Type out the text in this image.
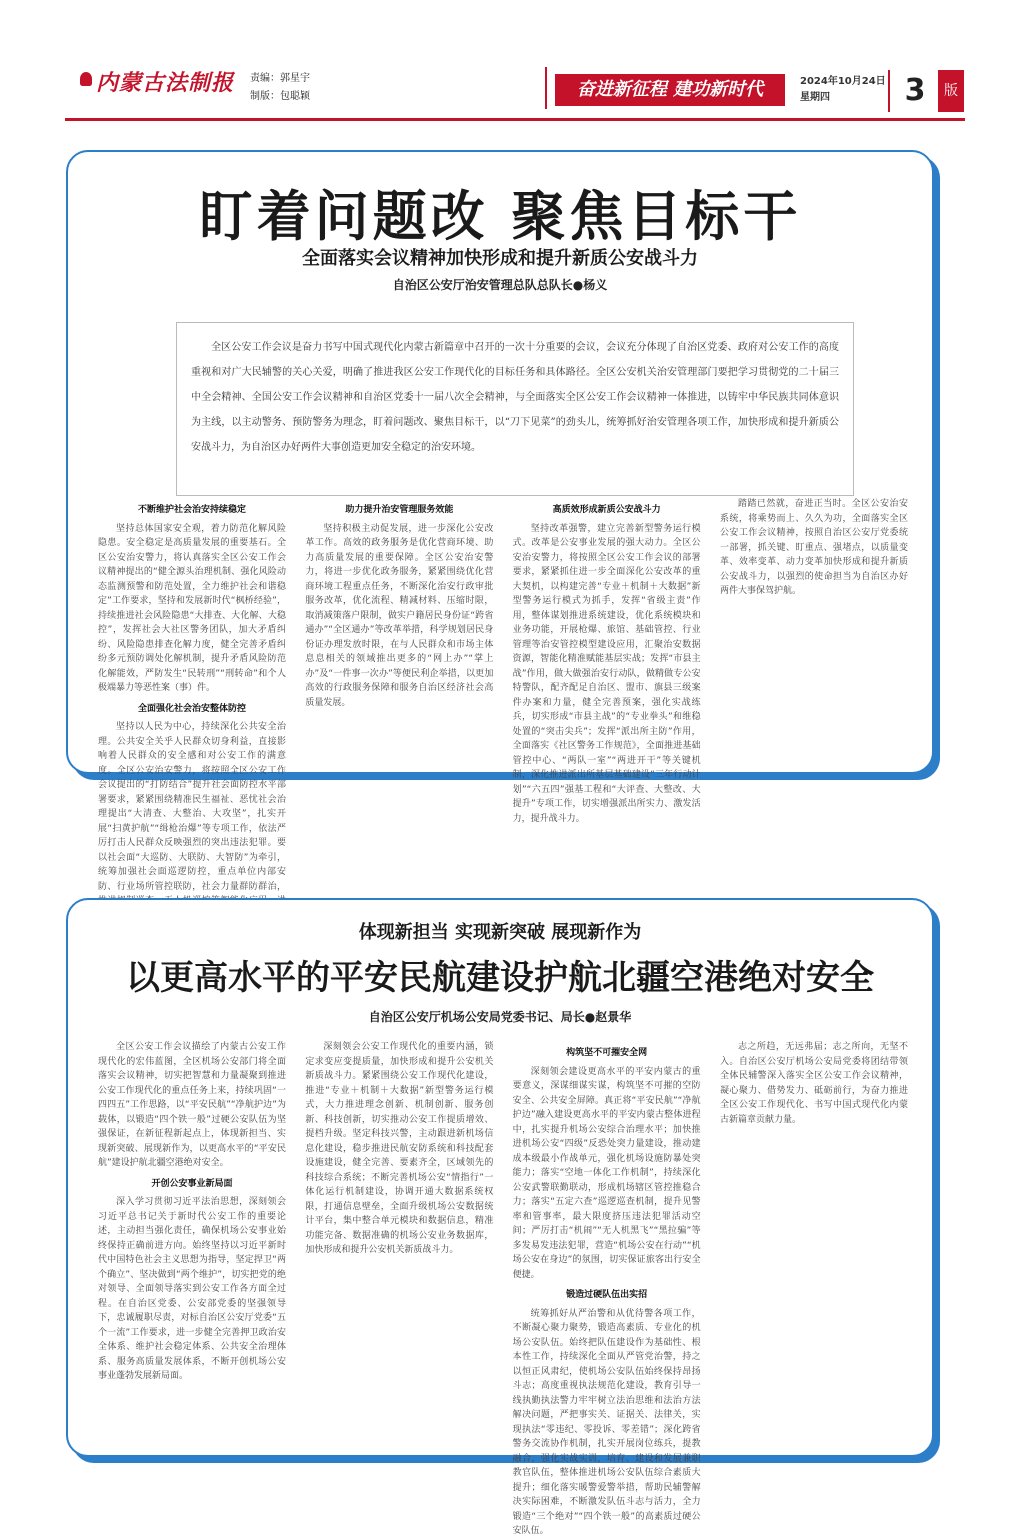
内蒙古法制报 责编：郭星宇
制版：包聪颖	奋进新征程 建功新时代	2024年10月24日
星期四	3	版
盯着问题改 聚焦目标干
全面落实会议精神加快形成和提升新质公安战斗力
自治区公安厅治安管理总队总队长●杨义
全区公安工作会议是奋力书写中国式现代化内蒙古新篇章中召开的一次十分重要的会议，会议充分体现了自治区党委、政府对公安工作的高度重视和对广大民辅警的关心关爱，明确了推进我区公安工作现代化的目标任务和具体路径。全区公安机关治安管理部门要把学习贯彻党的二十届三中全会精神、全国公安工作会议精神和自治区党委十一届八次全会精神，与全面落实全区公安工作会议精神一体推进，以铸牢中华民族共同体意识为主线，以主动警务、预防警务为理念，盯着问题改、聚焦目标干，以“刀下见菜”的劲头儿，统筹抓好治安管理各项工作，加快形成和提升新质公安战斗力，为自治区办好两件大事创造更加安全稳定的治安环境。

不断维护社会治安持续稳定

坚持总体国家安全观，着力防范化解风险隐患。安全稳定是高质量发展的重要基石。全区公安治安警力，将认真落实全区公安工作会议精神提出的“健全源头治理机制、强化风险动态监测预警和防范处置，全力维护社会和谐稳定”工作要求，坚持和发展新时代“枫桥经验”，持续推进社会风险隐患“大排查、大化解、大稳控”，发挥社会大社区警务团队，加大矛盾纠纷、风险隐患排查化解力度，健全完善矛盾纠纷多元预防调处化解机制，提升矛盾风险防范化解能效，严防发生“民转刑”“刑转命”和个人极端暴力等恶性案（事）件。

全面强化社会治安整体防控

坚持以人民为中心，持续深化公共安全治理。公共安全关乎人民群众切身利益，直接影响着人民群众的安全感和对公安工作的满意度。全区公安治安警力，将按照全区公安工作会议提出的“打防结合”提升社会面防控水平部署要求，紧紧围绕精准民生福祉、恶忧社会治理提出“大清查、大整治、大攻坚”，扎实开展“扫黄护航”“缉枪治爆”等专项工作，依法严厉打击人民群众反映强烈的突出违法犯罪。要以社会面“大巡防、大联防、大智防”为牵引，统筹加强社会面巡逻防控，重点单位内部安防、行业场所管控联防，社会力量群防群治，

助力提升治安管理服务效能

坚持积极主动促发展，进一步深化公安改革工作。高效的政务服务是优化营商环境、助力高质量发展的重要保障。全区公安治安警力，将进一步优化政务服务，紧紧围绕优化营商环境工程重点任务，不断深化治安行政审批服务改革，优化流程、精减材料、压缩时限，取消减策落户限制，做实户籍居民身份证“跨省通办”“全区通办”等改革举措，科学规划居民身份证办理发放时限，在与人民群众和市场主体息息相关的领域推出更多的“网上办”“掌上办”及“一件事一次办”等便民利企举措，以更加高效的行政服务保障和服务自治区经济社会高质量发展。

高质效形成新质公安战斗力

坚持改革强警，建立完善新型警务运行模式。改革是公安事业发展的强大动力。全区公安治安警力，将按照全区公安工作会议的部署要求，紧紧抓住进一步全面深化公安改革的重大契机，以构建完善“专业＋机制＋大数据”新型警务运行模式为抓手，发挥“省级主责”作用，整体谋划推进系统建设，优化系统模块和业务功能，开展枪爆、旅馆、基础管控、行业管理等治安管控模型建设应用，汇聚治安数据资源，智能化精准赋能基层实战；发挥“市县主战”作用，做大做强治安行动队，做精做专公安特警队，配齐配足自治区、盟市、旗县三级案件办案和力量，健全完善预案，强化实战练兵，切实形成“市县主战”的“专业拳头”和维稳处置的“突击尖兵”；发挥“派出所主防”作用，全面落实《社区警务工作规范》，全面推进基础管控中心、“两队一室”“两进开干”等关键机制，深化推进派出所基层基础建设“三年行动计划”“六五四”强基工程和“大评查、大整改、大提升”专项工作，切实增强派出所实力、激发活力，提升战斗力。

踏踏已然就，奋进正当时。全区公安治安系统，将乘势而上、久久为功，全面落实全区公安工作会议精神，按照自治区公安厅党委统一部署，抓关键、盯重点、强堵点，以质量变革、效率变革、动力变革加快形成和提升新质公安战斗力，以强烈的使命担当为自治区办好两件大事保驾护航。

体现新担当 实现新突破 展现新作为
以更高水平的平安民航建设护航北疆空港绝对安全
自治区公安厅机场公安局党委书记、局长●赵景华

全区公安工作会议描绘了内蒙古公安工作现代化的宏伟蓝图，全区机场公安部门将全面落实会议精神，切实把智慧和力量凝聚到推进公安工作现代化的重点任务上来，持续巩固“一四四五”工作思路，以“平安民航”“净航护边”为载体，以锻造“四个铁一般”过硬公安队伍为坚强保证，在新征程新起点上，体现新担当、实现新突破、展现新作为，以更高水平的“平安民航”建设护航北疆空港绝对安全。

开创公安事业新局面

深入学习贯彻习近平法治思想，深刻领会习近平总书记关于新时代公安工作的重要论述，主动担当强化责任，确保机场公安事业始终保持正确前进方向。始终坚持以习近平新时代中国特色社会主义思想为指导，坚定捍卫“两个确立”、坚决做到“两个维护”，切实把党的绝对领导、全面领导落实到公安工作各方面全过程。在自治区党委、公安部党委的坚强领导下，忠诚履职尽责，对标自治区公安厅党委“五个一流”工作要求，进一步健全完善押卫政治安全体系、维护社会稳定体系、公共安全治理体系、服务高质量发展体系，不断开创机场公安事业蓬勃发展新局面。

深刻领会公安工作现代化的重要内涵，锁定求变应变提质量，加快形成和提升公安机关新质战斗力。紧紧围绕公安工作现代化建设，推进“专业＋机制＋大数据”新型警务运行模式，大力推进理念创新、机制创新、服务创新、科技创新，切实推动公安工作提质增效、提档升级。坚定科技兴警，主动跟进新机场信息化建设，稳步推进民航安防系统和科技配套设施建设，健全完善、要素齐全，区域领先的科技综合系统；不断完善机场公安“情指行”一体化运行机制建设，协调开通大数据系统权限，打通信息壁垒，全面升级机场公安数据统计平台，集中整合单元模块和数据信息，精准功能完备、数据准确的机场公安业务数据库，加快形成和提升公安机关新质战斗力。

构筑坚不可摧安全网

深刻领会建设更高水平的平安内蒙古的重要意义，深谋细谋实谋，构筑坚不可摧的空防安全、公共安全屏障。真正将“平安民航”“净航护边”融入建设更高水平的平安内蒙古整体进程中，扎实提升机场公安综合治理水平；加快推进机场公安“四级”反恐处突力量建设，推动建成本级最小作战单元，强化机场设施防暴处突能力；落实“空地一体化工作机制”，持续深化公安武警联勤联动，形成机场辖区管控推稳合力；落实“五定六查”巡逻巡查机制，提升见警率和管事率，最大限度挤压违法犯罪活动空间；严厉打击“机闹”“无人机黑飞”“黑拉骗”等多发易发违法犯罪，营造“机场公安在行动”“机场公安在身边”的氛围，切实保证旅客出行安全便捷。

锻造过硬队伍出实招

统筹抓好从严治警和从优待警各项工作，不断凝心聚力聚势，锻造高素质、专业化的机场公安队伍。始终把队伍建设作为基础性、根本性工作，持续深化全面从严管党治警，持之以恒正风肃纪，使机场公安队伍始终保持昂扬斗志；高度重视执法规范化建设，教育引导一线执勤执法警力牢牢树立法治思维和法治方法解决问题，严把事实关、证据关、法律关，实现执法“零违纪、零投诉、零差错”；深化跨省警务交流协作机制，扎实开展岗位练兵，提教融合，强化实战实训，培育、建设和发展兼职教官队伍，整体推进机场公安队伍综合素质大提升；细化落实暖警爱警举措，帮助民辅警解决实际困难，不断激发队伍斗志与活力，全力锻造“三个绝对”“四个铁一般”的高素质过硬公安队伍。

志之所趋，无远弗届；志之所向，无坚不入。自治区公安厅机场公安局党委将团结带领全体民辅警深入落实全区公安工作会议精神，凝心聚力、借势发力、砥砺前行，为奋力推进全区公安工作现代化、书写中国式现代化内蒙古新篇章贡献力量。
